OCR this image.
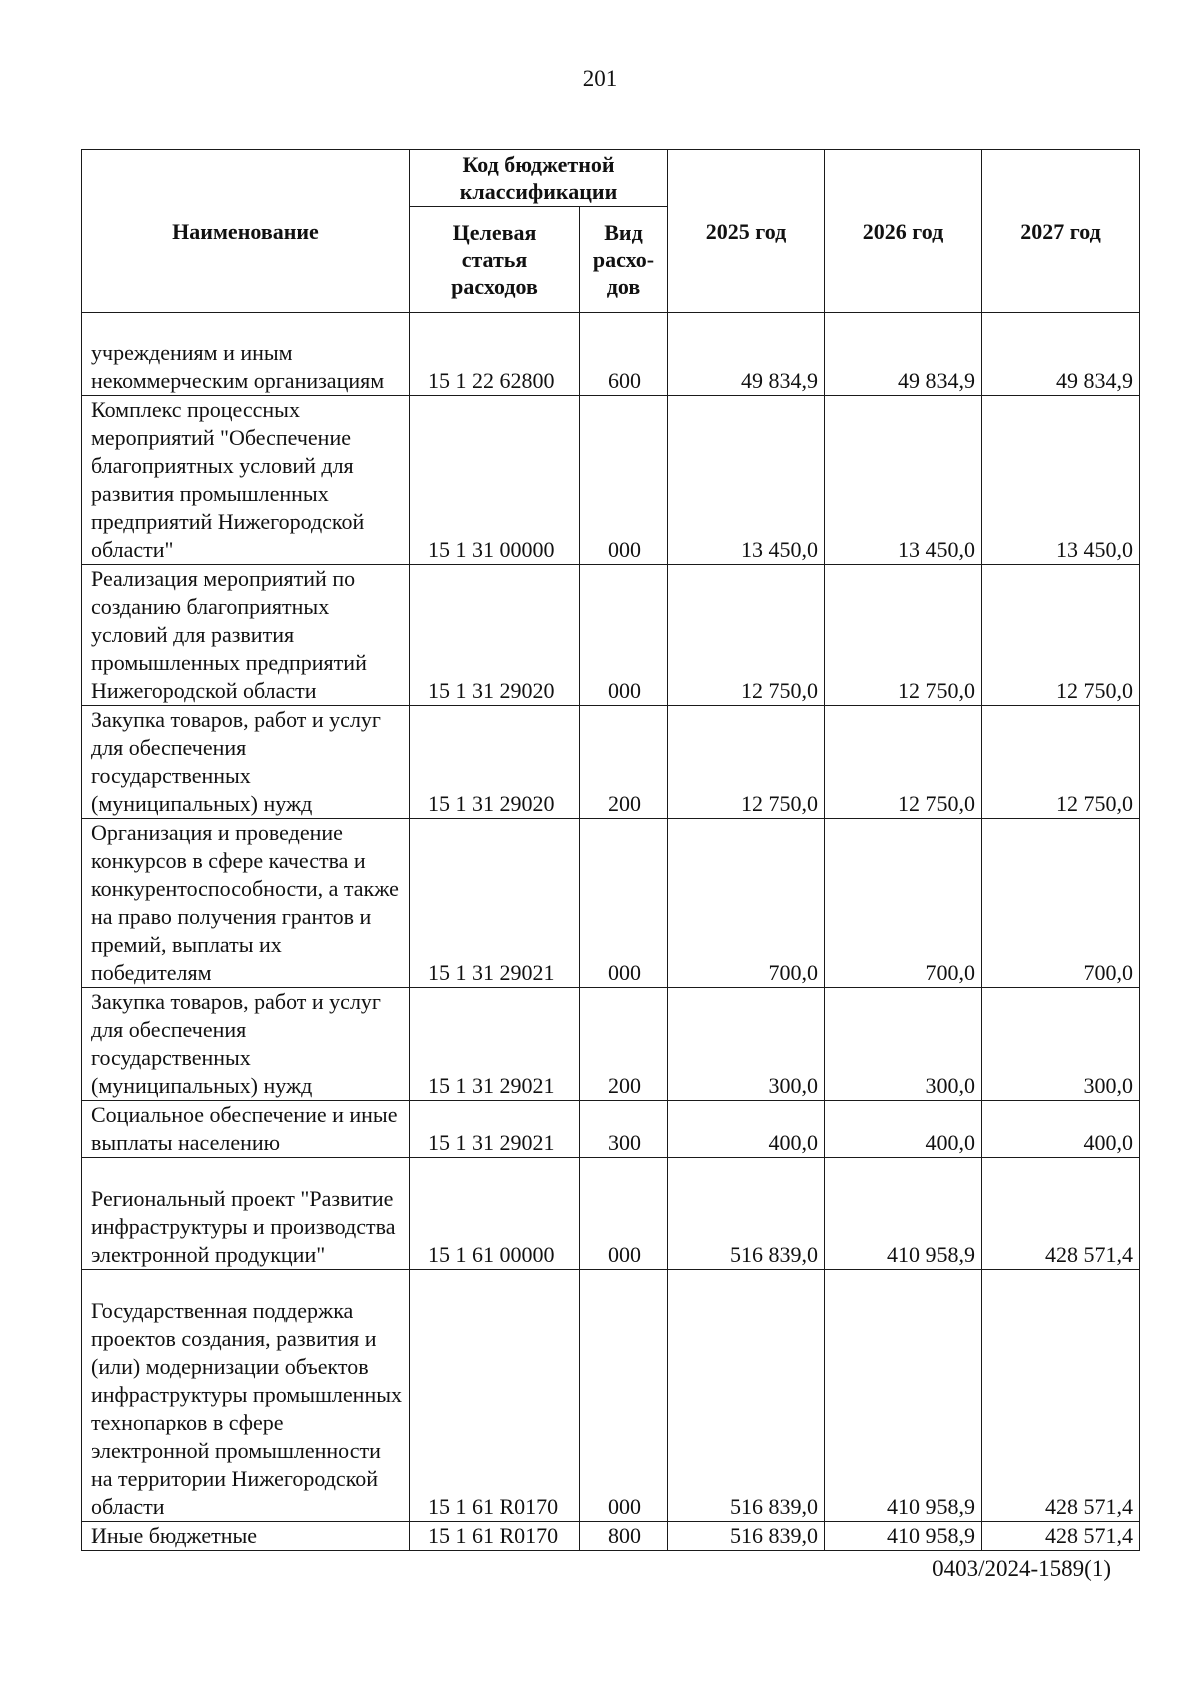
201
Наименование	Код бюджетной классификации		2025 год	2026 год	2027 год
	Целевая статья расходов	Вид расхо-дов			
учреждениям и иным некоммерческим организациям	15 1 22 62800	600	49 834,9	49 834,9	49 834,9
Комплекс процессных мероприятий "Обеспечение благоприятных условий для развития промышленных предприятий Нижегородской области"	15 1 31 00000	000	13 450,0	13 450,0	13 450,0
Реализация мероприятий по созданию благоприятных условий для развития промышленных предприятий Нижегородской области	15 1 31 29020	000	12 750,0	12 750,0	12 750,0
Закупка товаров, работ и услуг для обеспечения государственных (муниципальных) нужд	15 1 31 29020	200	12 750,0	12 750,0	12 750,0
Организация и проведение конкурсов в сфере качества и конкурентоспособности, а также на право получения грантов и премий, выплаты их победителям	15 1 31 29021	000	700,0	700,0	700,0
Закупка товаров, работ и услуг для обеспечения государственных (муниципальных) нужд	15 1 31 29021	200	300,0	300,0	300,0
Социальное обеспечение и иные выплаты населению	15 1 31 29021	300	400,0	400,0	400,0
Региональный проект "Развитие инфраструктуры и производства электронной продукции"	15 1 61 00000	000	516 839,0	410 958,9	428 571,4
Государственная поддержка проектов создания, развития и (или) модернизации объектов инфраструктуры промышленных технопарков в сфере электронной промышленности на территории Нижегородской области	15 1 61 R0170	000	516 839,0	410 958,9	428 571,4
Иные бюджетные	15 1 61 R0170	800	516 839,0	410 958,9	428 571,4
0403/2024-1589(1)
